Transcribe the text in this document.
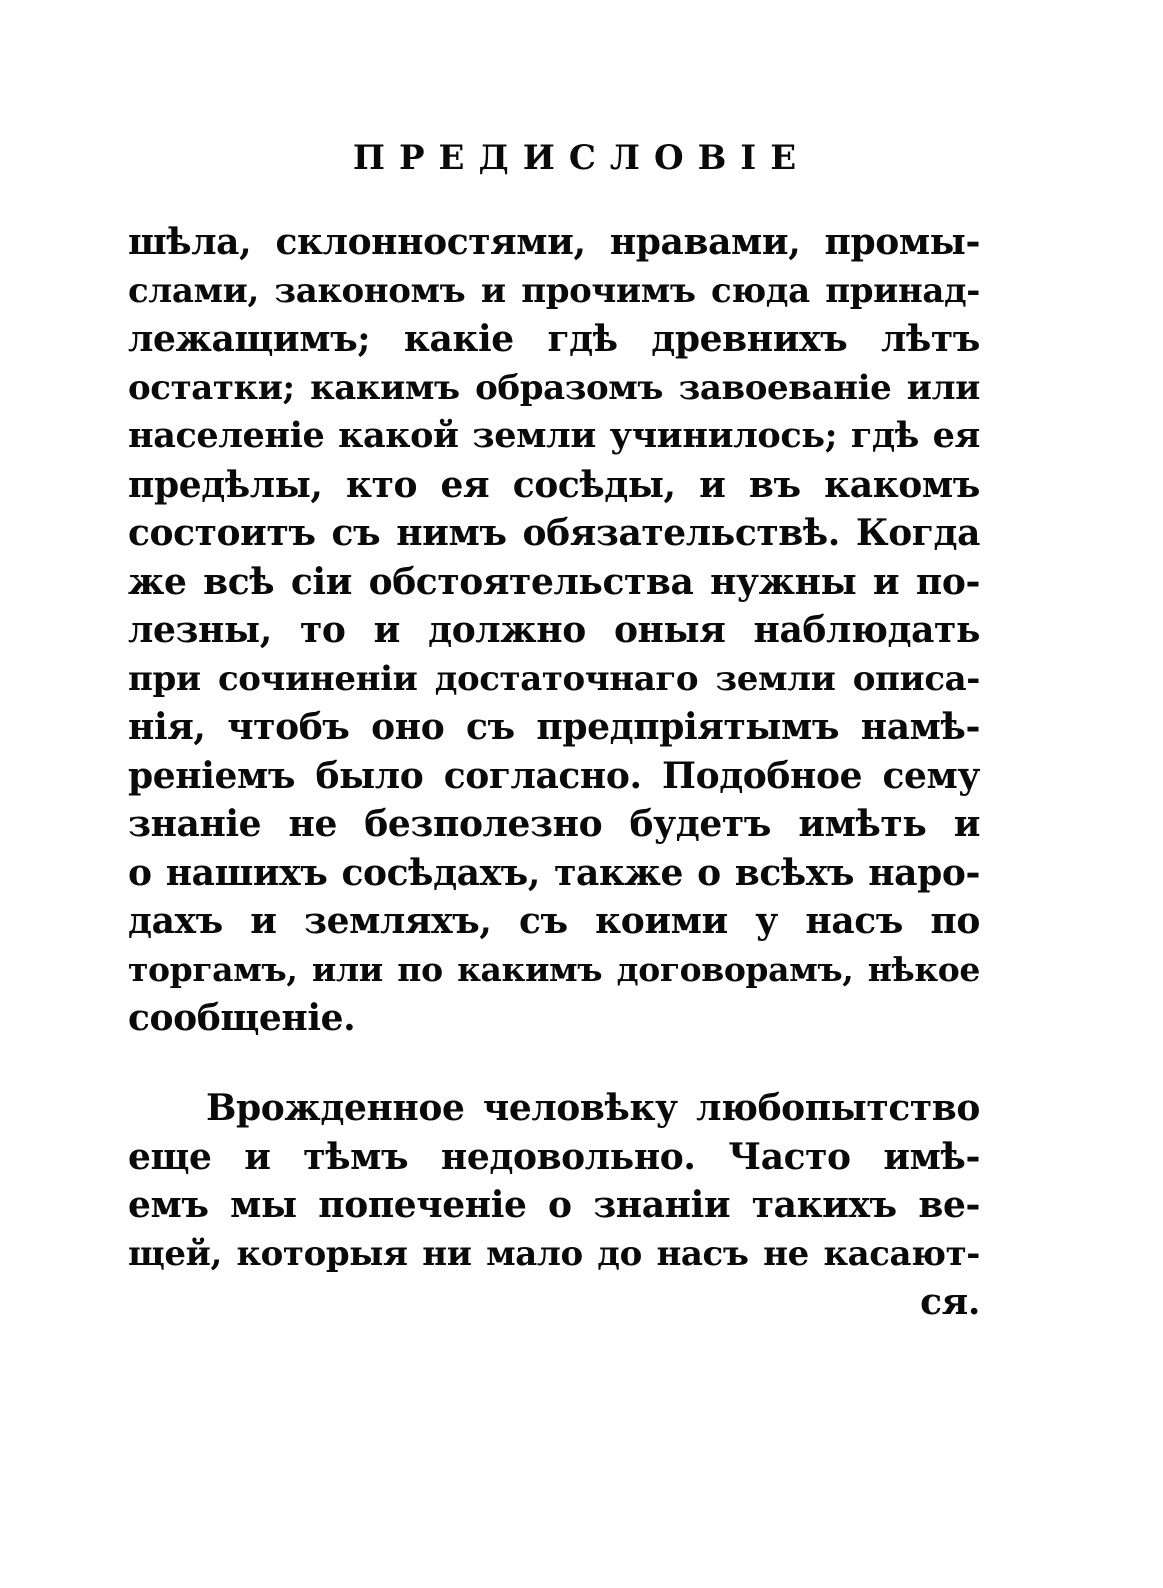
ПРЕДИСЛОВІЕ
шѣла, склонностями, нравами, промы-
слами, закономъ и прочимъ сюда принад-
лежащимъ; какіе гдѣ древнихъ лѣтъ
остатки; какимъ образомъ завоеваніе или
населеніе какой земли учинилось; гдѣ ея
предѣлы, кто ея сосѣды, и въ какомъ
состоитъ съ нимъ обязательствѣ. Когда
же всѣ сіи обстоятельства нужны и по-
лезны, то и должно оныя наблюдать
при сочиненіи достаточнаго земли описа-
нія, чтобъ оно съ предпріятымъ намѣ-
реніемъ было согласно. Подобное сему
знаніе не безполезно будетъ имѣть и
о нашихъ сосѣдахъ, также о всѣхъ наро-
дахъ и земляхъ, съ коими у насъ по
торгамъ, или по какимъ договорамъ, нѣкое
сообщеніе.
Врожденное человѣку любопытство
еще и тѣмъ недовольно. Часто имѣ-
емъ мы попеченіе о знаніи такихъ ве-
щей, которыя ни мало до насъ не касают-
ся.
